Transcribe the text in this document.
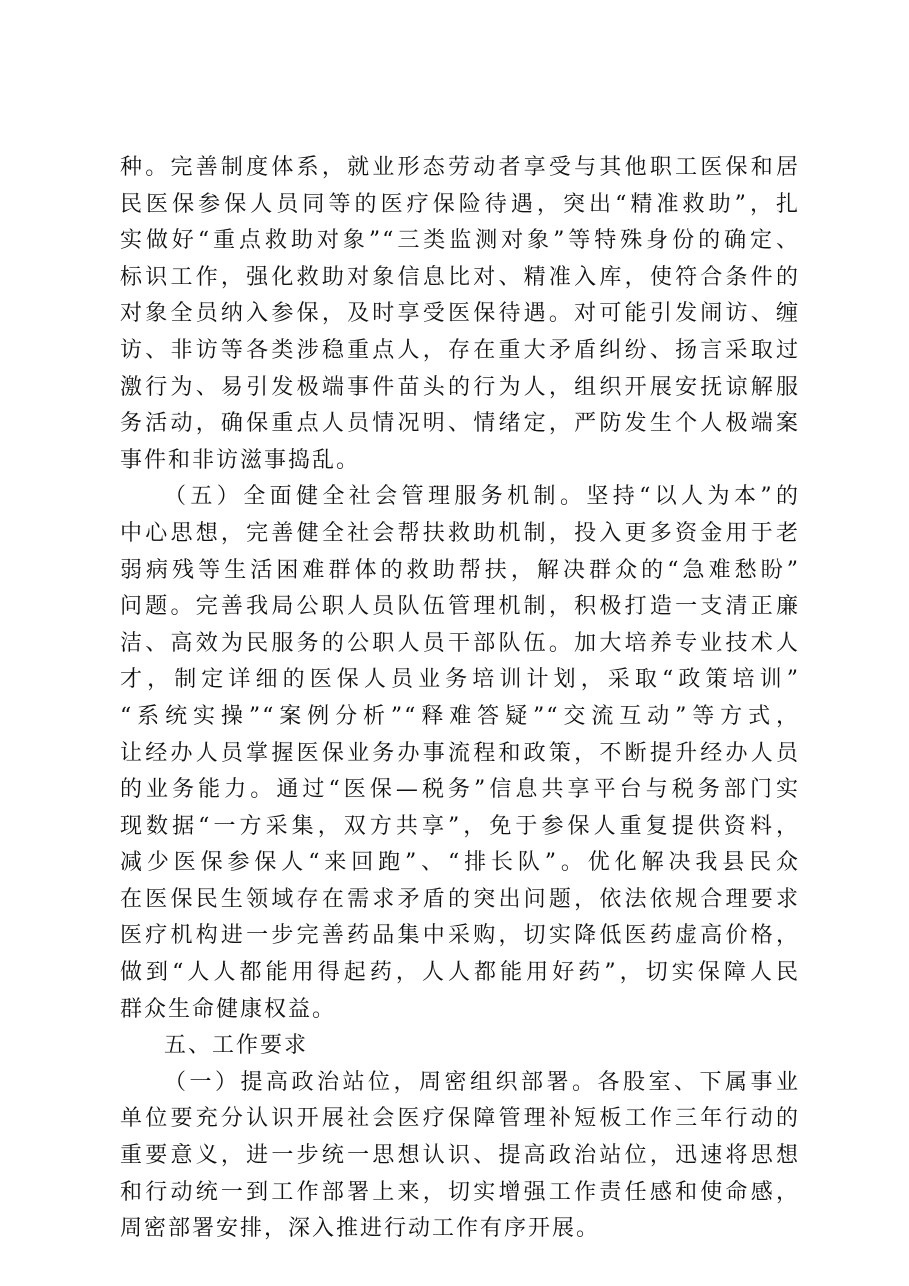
种。完善制度体系，就业形态劳动者享受与其他职工医保和居
民医保参保人员同等的医疗保险待遇，突出“精准救助”，扎
实做好“重点救助对象”“三类监测对象”等特殊身份的确定、
标识工作，强化救助对象信息比对、精准入库，使符合条件的
对象全员纳入参保，及时享受医保待遇。对可能引发闹访、缠
访、非访等各类涉稳重点人，存在重大矛盾纠纷、扬言采取过
激行为、易引发极端事件苗头的行为人，组织开展安抚谅解服
务活动，确保重点人员情况明、情绪定，严防发生个人极端案
事件和非访滋事捣乱。
（五）全面健全社会管理服务机制。坚持“以人为本”的
中心思想，完善健全社会帮扶救助机制，投入更多资金用于老
弱病残等生活困难群体的救助帮扶，解决群众的“急难愁盼”
问题。完善我局公职人员队伍管理机制，积极打造一支清正廉
洁、高效为民服务的公职人员干部队伍。加大培养专业技术人
才，制定详细的医保人员业务培训计划，采取“政策培训”
“系统实操”“案例分析”“释难答疑”“交流互动”等方式，
让经办人员掌握医保业务办事流程和政策，不断提升经办人员
的业务能力。通过“医保—税务”信息共享平台与税务部门实
现数据“一方采集，双方共享”，免于参保人重复提供资料，
减少医保参保人“来回跑”、“排长队”。优化解决我县民众
在医保民生领域存在需求矛盾的突出问题，依法依规合理要求
医疗机构进一步完善药品集中采购，切实降低医药虚高价格，
做到“人人都能用得起药，人人都能用好药”，切实保障人民
群众生命健康权益。
五、工作要求
（一）提高政治站位，周密组织部署。各股室、下属事业
单位要充分认识开展社会医疗保障管理补短板工作三年行动的
重要意义，进一步统一思想认识、提高政治站位，迅速将思想
和行动统一到工作部署上来，切实增强工作责任感和使命感，
周密部署安排，深入推进行动工作有序开展。
